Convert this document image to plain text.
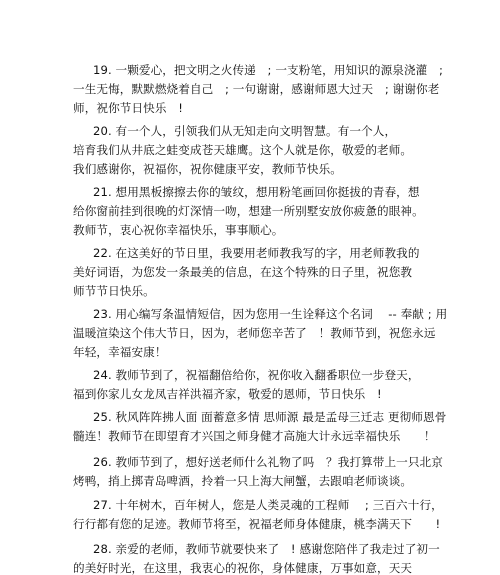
19. 一颗爱心，把文明之火传递　; 一支粉笔，用知识的源泉浇灌　;
一生无悔，默默燃烧着自己　; 一句谢谢，感谢师恩大过天　; 谢谢你老
师，祝你节日快乐　!
20. 有一个人，引领我们从无知走向文明智慧。有一个人，
培育我们从井底之蛙变成苍天雄鹰。这个人就是你，敬爱的老师。
我们感谢你，祝福你，祝你健康平安，教师节快乐。
21. 想用黑板擦擦去你的皱纹，想用粉笔画回你挺拔的青春，想
给你窗前挂到很晚的灯深情一吻，想建一所别墅安放你疲惫的眼神。
教师节，衷心祝你幸福快乐，事事顺心。
22. 在这美好的节日里，我要用老师教我写的字，用老师教我的
美好词语，为您发一条最美的信息，在这个特殊的日子里，祝您教
师节节日快乐。
23. 用心编写条温情短信，因为您用一生诠释这个名词　 -- 奉献 ; 用
温暖渲染这个伟大节日，因为，老师您辛苦了　！教师节到，祝您永远
年轻，幸福安康！
24. 教师节到了，祝福翻倍给你，祝你收入翻番职位一步登天，
福到你家儿女龙凤吉祥洪福齐家，敬爱的恩师，节日快乐　!
25. 秋风阵阵拂人面 面蓄意多情 思师源 最是孟母三迁志 更彻师恩骨
髓连！教师节在即望育才兴国之师身健才高施大计永远幸福快乐　　！
26. 教师节到了，想好送老师什么礼物了吗　？我打算带上一只北京
烤鸭，捎上掷青岛啤酒，拎着一只上海大闸蟹，去跟咱老师谈谈。
27. 十年树木，百年树人，您是人类灵魂的工程师　 ; 三百六十行，
行行都有您的足迹。教师节将至，祝福老师身体健康，桃李满天下　　!
28. 亲爱的老师，教师节就要快来了　! 感谢您陪伴了我走过了初一
的美好时光，在这里，我衷心的祝你，身体健康，万事如意，天天
